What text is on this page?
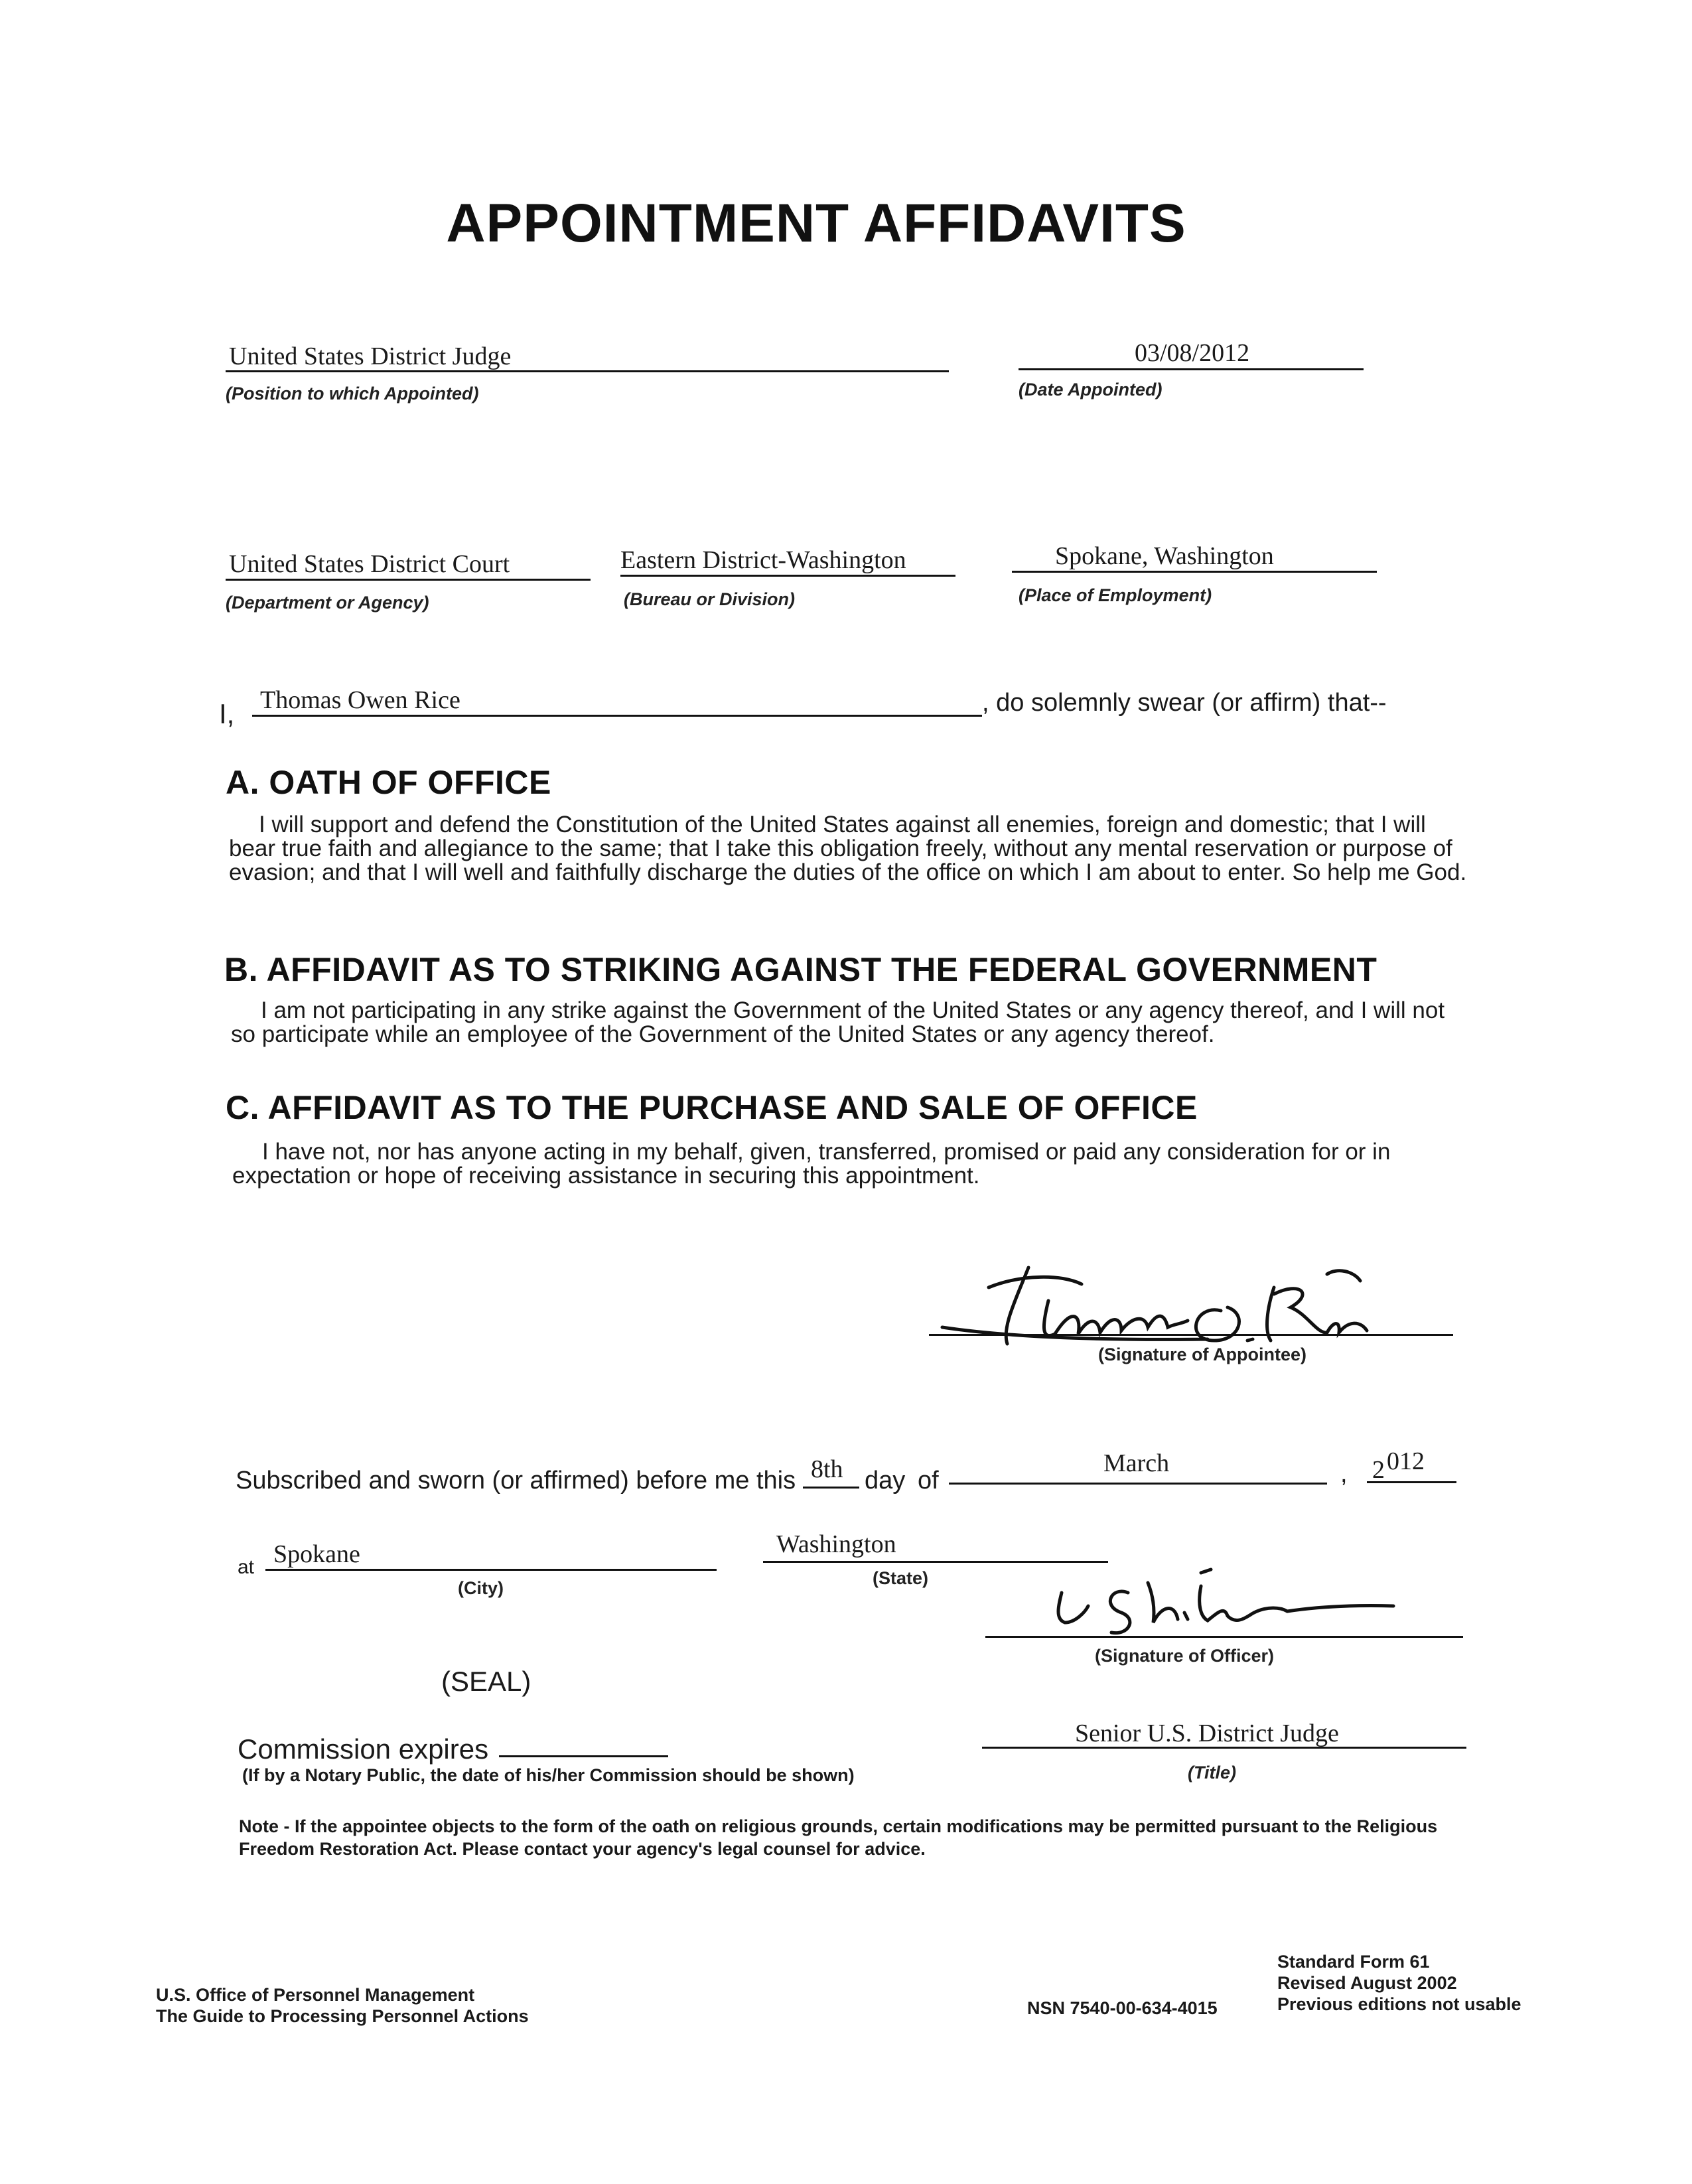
APPOINTMENT AFFIDAVITS
United States District Judge
(Position to which Appointed)
03/08/2012
(Date Appointed)
United States District Court
(Department or Agency)
Eastern District-Washington
(Bureau or Division)
Spokane, Washington
(Place of Employment)
I, Thomas Owen Rice	, do solemnly swear (or affirm) that--
A. OATH OF OFFICE
I will support and defend the Constitution of the United States against all enemies, foreign and domestic; that I will bear true faith and allegiance to the same; that I take this obligation freely, without any mental reservation or purpose of evasion; and that I will well and faithfully discharge the duties of the office on which I am about to enter. So help me God.
B. AFFIDAVIT AS TO STRIKING AGAINST THE FEDERAL GOVERNMENT
I am not participating in any strike against the Government of the United States or any agency thereof, and I will not so participate while an employee of the Government of the United States or any agency thereof.
C. AFFIDAVIT AS TO THE PURCHASE AND SALE OF OFFICE
I have not, nor has anyone acting in my behalf, given, transferred, promised or paid any consideration for or in expectation or hope of receiving assistance in securing this appointment.
(Signature of Appointee)
Subscribed and sworn (or affirmed) before me this 8th day of
March	, 2 012
at Spokane
(City)
Washington
(State)
(Signature of Officer)
(SEAL)
Commission expires
(If by a Notary Public, the date of his/her Commission should be shown)
Senior U.S. District Judge
(Title)
Note - If the appointee objects to the form of the oath on religious grounds, certain modifications may be permitted pursuant to the Religious Freedom Restoration Act. Please contact your agency's legal counsel for advice.
U.S. Office of Personnel Management
The Guide to Processing Personnel Actions	NSN 7540-00-634-4015
Standard Form 61
Revised August 2002
Previous editions not usable
